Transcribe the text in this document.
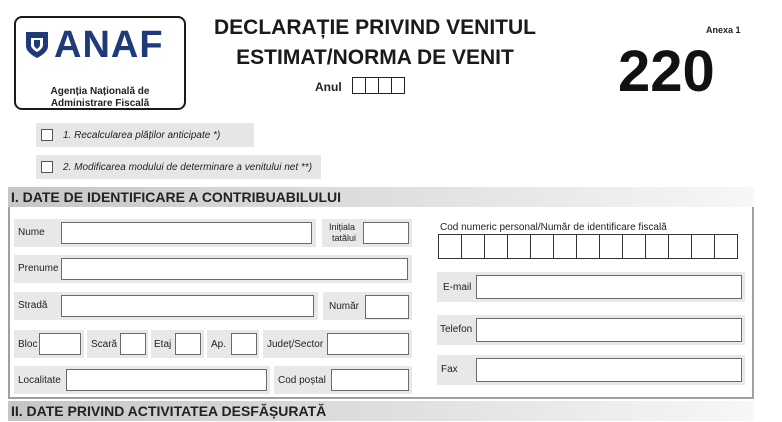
ANAF
Agenția Națională de
Administrare Fiscală
DECLARAȚIE PRIVIND VENITUL
ESTIMAT/NORMA DE VENIT
Anul
Anexa 1
220
1. Recalcularea plăților anticipate *)
2. Modificarea modului de determinare a venitului net **)
I. DATE DE IDENTIFICARE A CONTRIBUABILULUI
Nume	Inițiala
tatălui
Prenume
Stradă	Număr
Bloc	Scară	Etaj	Ap.	Județ/Sector
Localitate	Cod poștal
Cod numeric personal/Număr de identificare fiscală
E-mail
Telefon
Fax
II. DATE PRIVIND ACTIVITATEA DESFĂȘURATĂ
